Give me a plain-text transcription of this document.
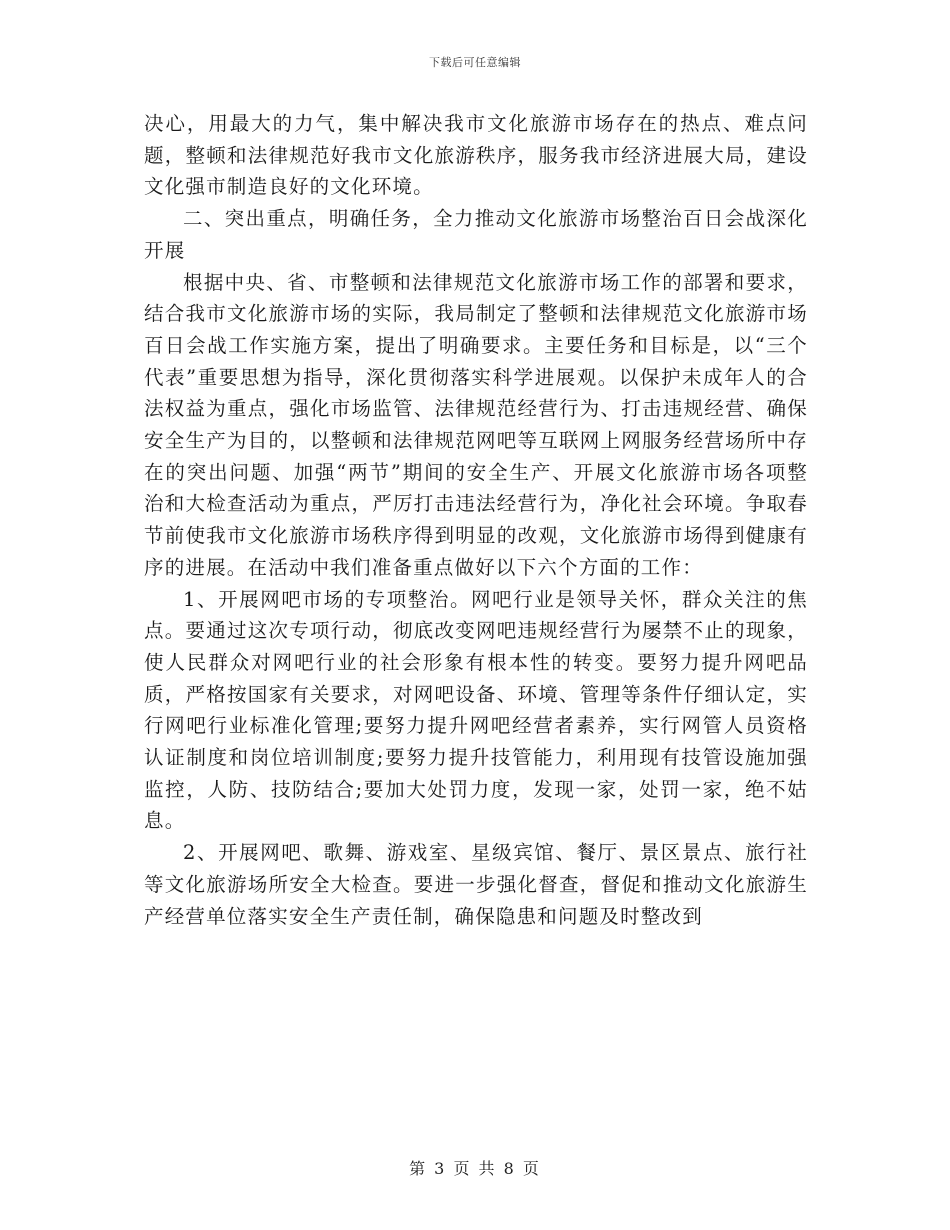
下载后可任意编辑

决心，用最大的力气，集中解决我市文化旅游市场存在的热点、难点问题，整顿和法律规范好我市文化旅游秩序，服务我市经济进展大局，建设文化强市制造良好的文化环境。

二、突出重点，明确任务，全力推动文化旅游市场整治百日会战深化开展

根据中央、省、市整顿和法律规范文化旅游市场工作的部署和要求，结合我市文化旅游市场的实际，我局制定了整顿和法律规范文化旅游市场百日会战工作实施方案，提出了明确要求。主要任务和目标是，以“三个代表”重要思想为指导，深化贯彻落实科学进展观。以保护未成年人的合法权益为重点，强化市场监管、法律规范经营行为、打击违规经营、确保安全生产为目的，以整顿和法律规范网吧等互联网上网服务经营场所中存在的突出问题、加强“两节”期间的安全生产、开展文化旅游市场各项整治和大检查活动为重点，严厉打击违法经营行为，净化社会环境。争取春节前使我市文化旅游市场秩序得到明显的改观，文化旅游市场得到健康有序的进展。在活动中我们准备重点做好以下六个方面的工作：

1、开展网吧市场的专项整治。网吧行业是领导关怀，群众关注的焦点。要通过这次专项行动，彻底改变网吧违规经营行为屡禁不止的现象，使人民群众对网吧行业的社会形象有根本性的转变。要努力提升网吧品质，严格按国家有关要求，对网吧设备、环境、管理等条件仔细认定，实行网吧行业标准化管理;要努力提升网吧经营者素养，实行网管人员资格认证制度和岗位培训制度;要努力提升技管能力，利用现有技管设施加强监控，人防、技防结合;要加大处罚力度，发现一家，处罚一家，绝不姑息。

2、开展网吧、歌舞、游戏室、星级宾馆、餐厅、景区景点、旅行社等文化旅游场所安全大检查。要进一步强化督查，督促和推动文化旅游生产经营单位落实安全生产责任制，确保隐患和问题及时整改到

第 3 页 共 8 页
